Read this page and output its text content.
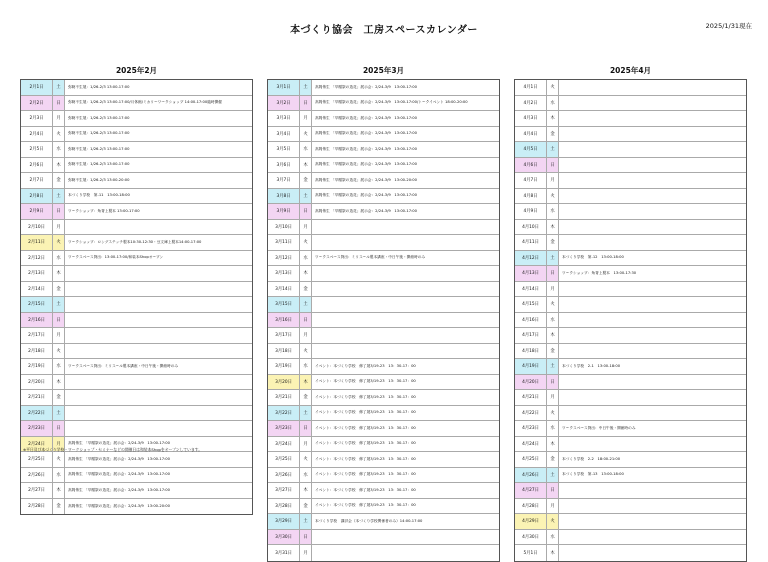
本づくり協会　工房スペースカレンダー	2025/1/31現在
2025年2月	2025年3月	2025年4月
2月1日	土	弥勒不生展：1/26-2/3 13:00-17:00
2月2日	日	弥勒不生展：1/26-2/3 13:00-17:00/月休館/ミカリーワークショップ 14:00-17:00臨時開催
2月3日	月	弥勒不生展：1/26-2/3 13:00-17:00
2月4日	火	弥勒不生展：1/26-2/3 13:00-17:00
2月5日	水	弥勒不生展：1/26-2/3 13:00-17:00
2月6日	木	弥勒不生展：1/26-2/3 13:00-17:00
2月7日	金	弥勒不生展：1/26-2/3 13:00-20:00
2月8日	土	本づくり学校　第-11　13:00-18:00
2月9日	日	ワークショップ：角背上製本 13:00-17:00
2月10日	月
2月11日	火	ワークショップ：ロングステッチ製本10:30-12:30・豆文庫上製本14:00-17:00
2月12日	水	ワークスペース貸出：13:00-17:00/和装本Shopオープン
2月13日	木
2月14日	金
2月15日	土
2月16日	日
2月17日	月
2月18日	火
2月19日	水	ワークスペース貸出：ミリスール製本講座・中日午後・開館時のみ
2月20日	木
2月21日	金
2月22日	土
2月23日	日
2月24日	月	高岡侑生 「早贈祭の造花」展示会：2/24-3/9　13:00-17:00
2月25日	火	高岡侑生 「早贈祭の造花」展示会：2/24-3/9　13:00-17:00
2月26日	水	高岡侑生 「早贈祭の造花」展示会：2/24-3/9　13:00-17:00
2月27日	木	高岡侑生 「早贈祭の造花」展示会：2/24-3/9　13:00-17:00
2月28日	金	高岡侑生 「早贈祭の造花」展示会：2/24-3/9　13:00-20:00
3月1日	土	高岡侑生 「早贈祭の造花」展示会：2/24-3/9　13:00-17:00
3月2日	日	高岡侑生 「早贈祭の造花」展示会：2/24-3/9　13:00-17:00/トークイベント 18:00-20:00
3月3日	月	高岡侑生 「早贈祭の造花」展示会：2/24-3/9　13:00-17:00
3月4日	火	高岡侑生 「早贈祭の造花」展示会：2/24-3/9　13:00-17:00
3月5日	水	高岡侑生 「早贈祭の造花」展示会：2/24-3/9　13:00-17:00
3月6日	木	高岡侑生 「早贈祭の造花」展示会：2/24-3/9　13:00-17:00
3月7日	金	高岡侑生 「早贈祭の造花」展示会：2/24-3/9　13:00-20:00
3月8日	土	高岡侑生 「早贈祭の造花」展示会：2/24-3/9　13:00-17:00
3月9日	日	高岡侑生 「早贈祭の造花」展示会：2/24-3/9　13:00-17:00
3月10日	月
3月11日	火
3月12日	水	ワークスペース貸出：ミリスール製本講座・中日午後・開館時のみ
3月13日	木
3月14日	金
3月15日	土
3月16日	日
3月17日	月
3月18日	火
3月19日	水	イベント：本づくり学校　修了展3/19-23　13：30-17：00
3月20日	木	イベント：本づくり学校　修了展3/19-23　13：30-17：00
3月21日	金	イベント：本づくり学校　修了展3/19-23　13：30-17：00
3月22日	土	イベント：本づくり学校　修了展3/19-23　13：30-17：00
3月23日	日	イベント：本づくり学校　修了展3/19-23　13：30-17：00
3月24日	月	イベント：本づくり学校　修了展3/19-23　13：30-17：00
3月25日	火	イベント：本づくり学校　修了展3/19-23　13：30-17：00
3月26日	水	イベント：本づくり学校　修了展3/19-23　13：30-17：00
3月27日	木	イベント：本づくり学校　修了展3/19-23　13：30-17：00
3月28日	金	イベント：本づくり学校　修了展3/19-23　13：30-17：00
3月29日	土	本づくり学校　講評会（本づくり学校関係者のみ）14:00-17:00
3月30日	日
3月31日	月
4月1日	火
4月2日	水
4月3日	木
4月4日	金
4月5日	土
4月6日	日
4月7日	月
4月8日	火
4月9日	水
4月10日	木
4月11日	金
4月12日	土	本づくり学校　第-12　13:00-18:00
4月13日	日	ワークショップ：角背上製本　13:00-17:30
4月14日	月
4月15日	火
4月16日	水
4月17日	木
4月18日	金
4月19日	土	本づくり学校　2-1　13:00-18:00
4月20日	日
4月21日	月
4月22日	火
4月23日	水	ワークスペース貸出：中日午後・開館時のみ
4月24日	木
4月25日	金	本づくり学校　2-2　18:00-21:00
4月26日	土	本づくり学校　第-13　13:00-18:00
4月27日	日
4月28日	月
4月29日	火
4月30日	水
5月1日	木
※平日及び本づくり学校・ワークショップ・セミナーなどの開催日は和装本Shopをオープンしています。
